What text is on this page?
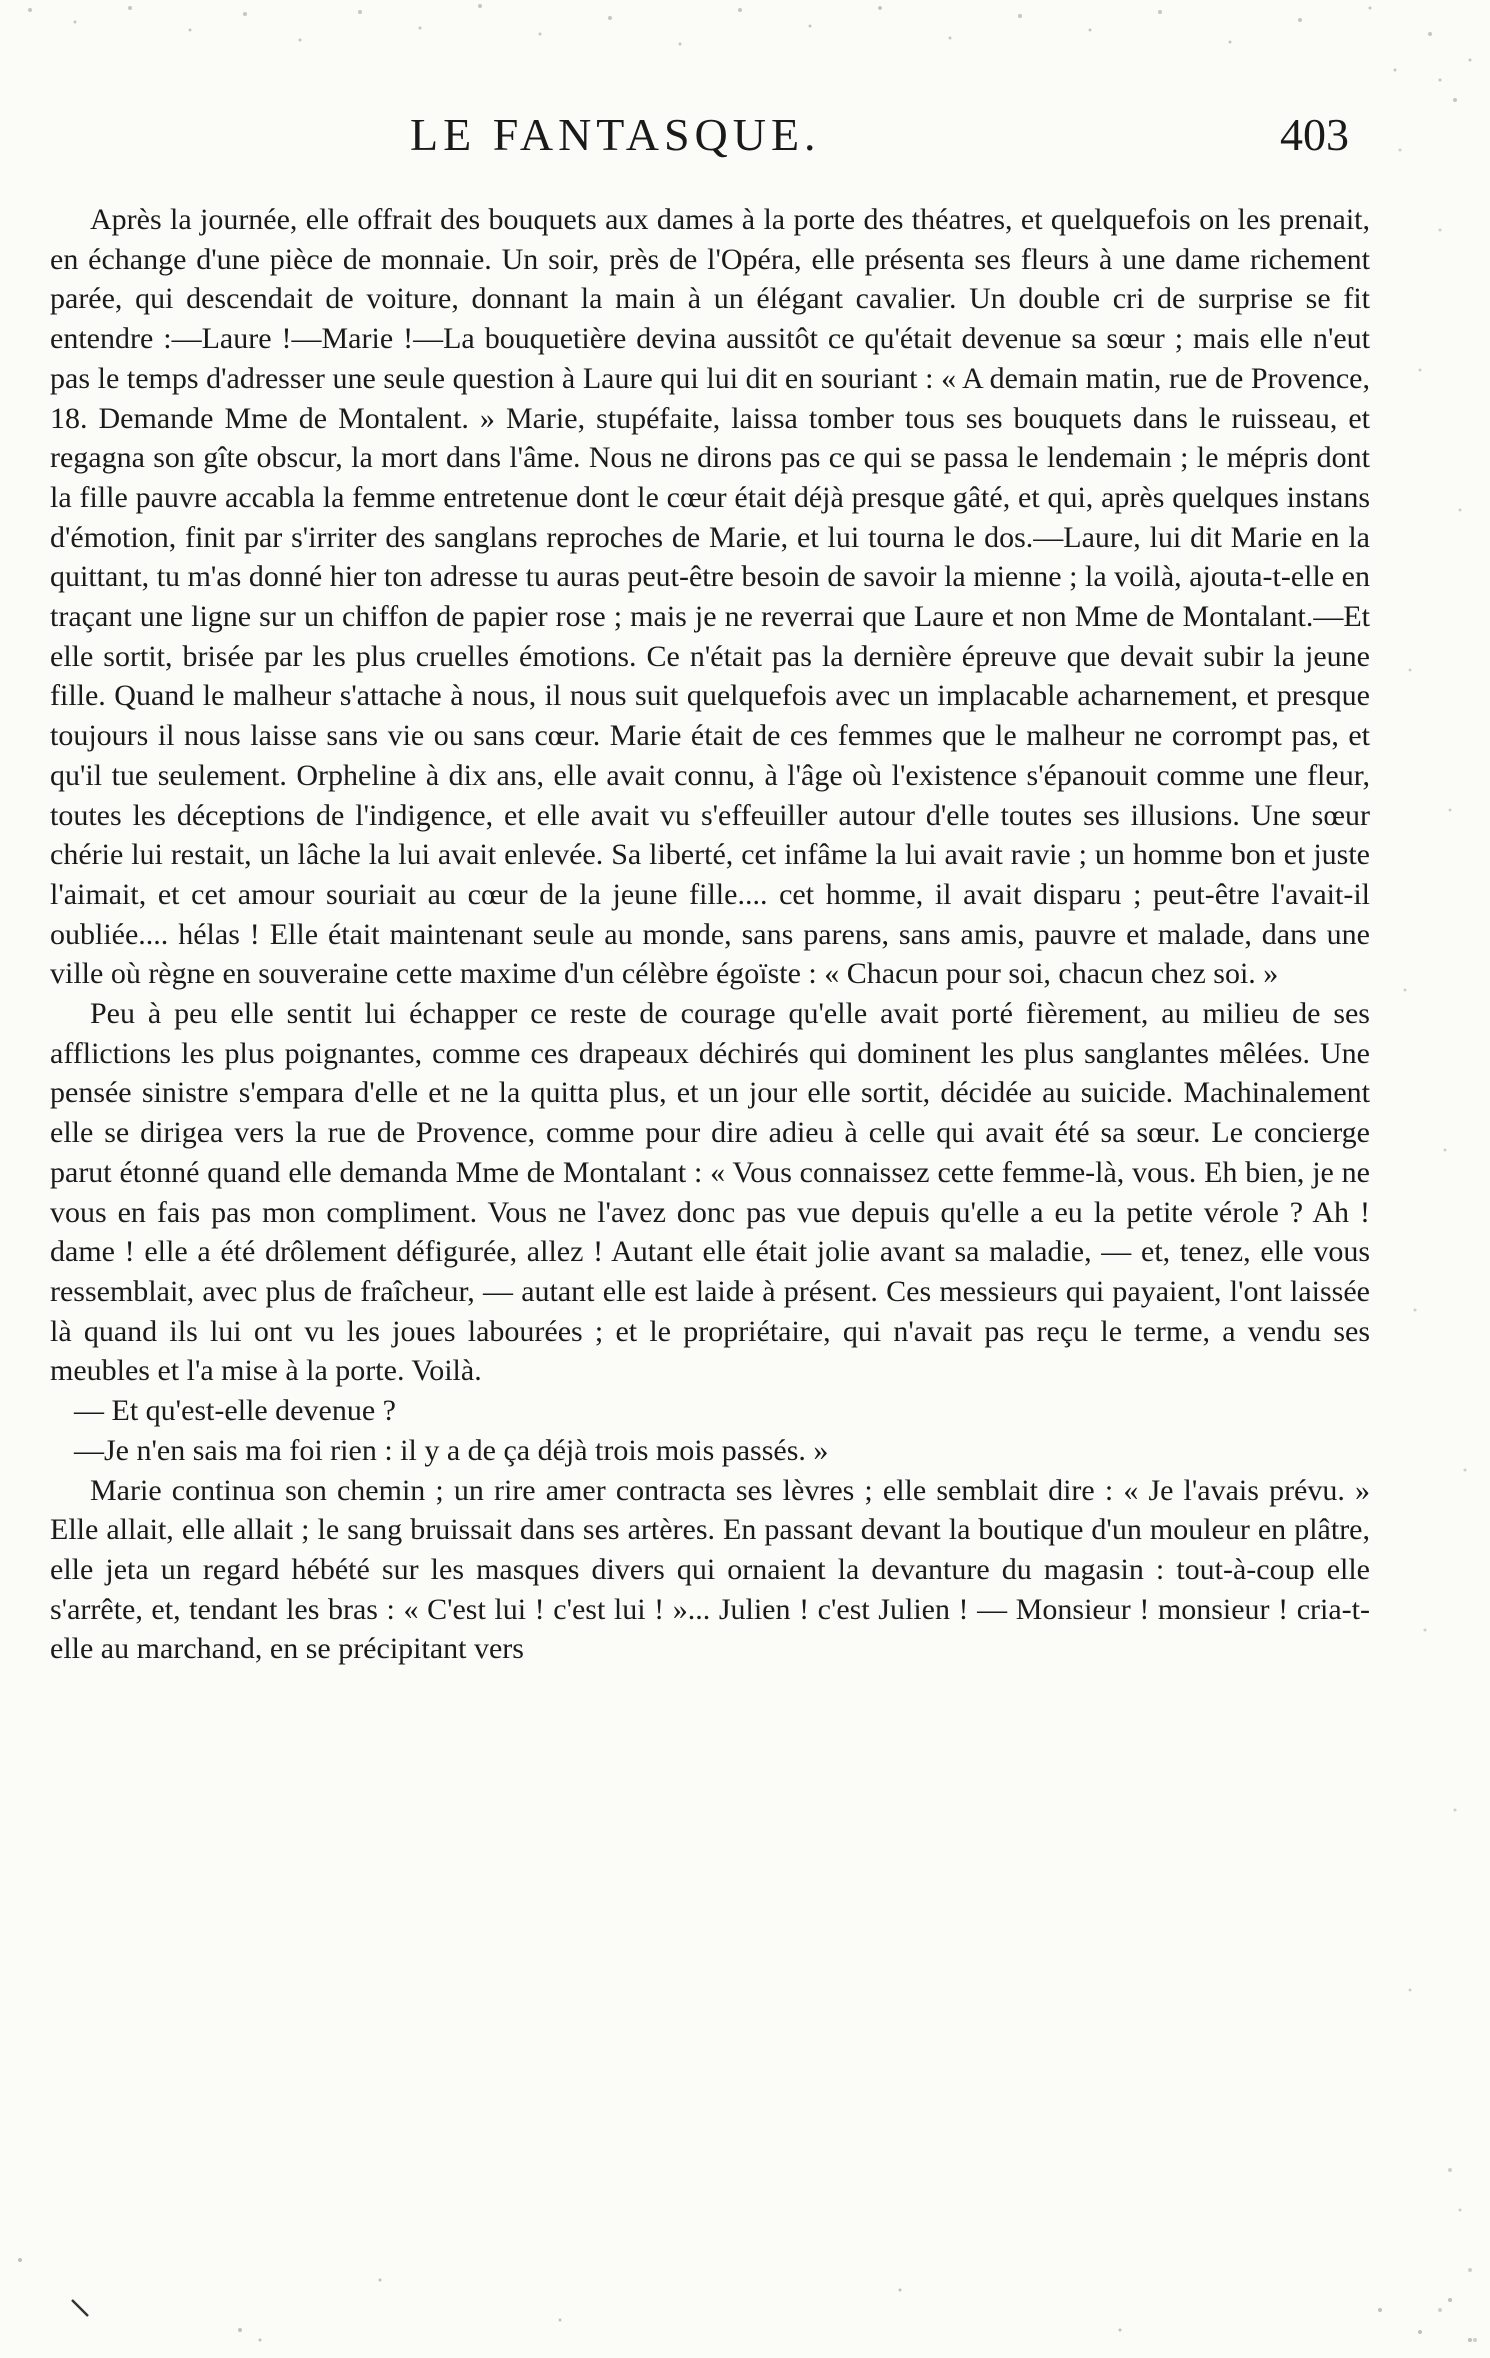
LE FANTASQUE.	403

Après la journée, elle offrait des bouquets aux dames à la porte des théatres, et quelquefois on les prenait, en échange d'une pièce de monnaie. Un soir, près de l'Opéra, elle présenta ses fleurs à une dame richement parée, qui descendait de voiture, donnant la main à un élégant cavalier. Un double cri de surprise se fit entendre :—Laure !—Marie !—La bouquetière devina aussitôt ce qu'était devenue sa sœur ; mais elle n'eut pas le temps d'adresser une seule question à Laure qui lui dit en souriant : « A demain matin, rue de Provence, 18. Demande Mme de Montalent. » Marie, stupéfaite, laissa tomber tous ses bouquets dans le ruisseau, et regagna son gîte obscur, la mort dans l'âme. Nous ne dirons pas ce qui se passa le lendemain ; le mépris dont la fille pauvre accabla la femme entretenue dont le cœur était déjà presque gâté, et qui, après quelques instans d'émotion, finit par s'irriter des sanglans reproches de Marie, et lui tourna le dos.—Laure, lui dit Marie en la quittant, tu m'as donné hier ton adresse tu auras peut-être besoin de savoir la mienne ; la voilà, ajouta-t-elle en traçant une ligne sur un chiffon de papier rose ; mais je ne reverrai que Laure et non Mme de Montalant.—Et elle sortit, brisée par les plus cruelles émotions. Ce n'était pas la dernière épreuve que devait subir la jeune fille. Quand le malheur s'attache à nous, il nous suit quelquefois avec un implacable acharnement, et presque toujours il nous laisse sans vie ou sans cœur. Marie était de ces femmes que le malheur ne corrompt pas, et qu'il tue seulement. Orpheline à dix ans, elle avait connu, à l'âge où l'existence s'épanouit comme une fleur, toutes les déceptions de l'indigence, et elle avait vu s'effeuiller autour d'elle toutes ses illusions. Une sœur chérie lui restait, un lâche la lui avait enlevée. Sa liberté, cet infâme la lui avait ravie ; un homme bon et juste l'aimait, et cet amour souriait au cœur de la jeune fille.... cet homme, il avait disparu ; peut-être l'avait-il oubliée.... hélas ! Elle était maintenant seule au monde, sans parens, sans amis, pauvre et malade, dans une ville où règne en souveraine cette maxime d'un célèbre égoïste : « Chacun pour soi, chacun chez soi. »

Peu à peu elle sentit lui échapper ce reste de courage qu'elle avait porté fièrement, au milieu de ses afflictions les plus poignantes, comme ces drapeaux déchirés qui dominent les plus sanglantes mêlées. Une pensée sinistre s'empara d'elle et ne la quitta plus, et un jour elle sortit, décidée au suicide. Machinalement elle se dirigea vers la rue de Provence, comme pour dire adieu à celle qui avait été sa sœur. Le concierge parut étonné quand elle demanda Mme de Montalant : « Vous connaissez cette femme-là, vous. Eh bien, je ne vous en fais pas mon compliment. Vous ne l'avez donc pas vue depuis qu'elle a eu la petite vérole ? Ah ! dame ! elle a été drôlement défigurée, allez ! Autant elle était jolie avant sa maladie, — et, tenez, elle vous ressemblait, avec plus de fraîcheur, — autant elle est laide à présent. Ces messieurs qui payaient, l'ont laissée là quand ils lui ont vu les joues labourées ; et le propriétaire, qui n'avait pas reçu le terme, a vendu ses meubles et l'a mise à la porte. Voilà.

— Et qu'est-elle devenue ?

—Je n'en sais ma foi rien : il y a de ça déjà trois mois passés. »

Marie continua son chemin ; un rire amer contracta ses lèvres ; elle semblait dire : « Je l'avais prévu. » Elle allait, elle allait ; le sang bruissait dans ses artères. En passant devant la boutique d'un mouleur en plâtre, elle jeta un regard hébété sur les masques divers qui ornaient la devanture du magasin : tout-à-coup elle s'arrête, et, tendant les bras : « C'est lui ! c'est lui ! »... Julien ! c'est Julien ! — Monsieur ! monsieur ! cria-t-elle au marchand, en se précipitant vers
